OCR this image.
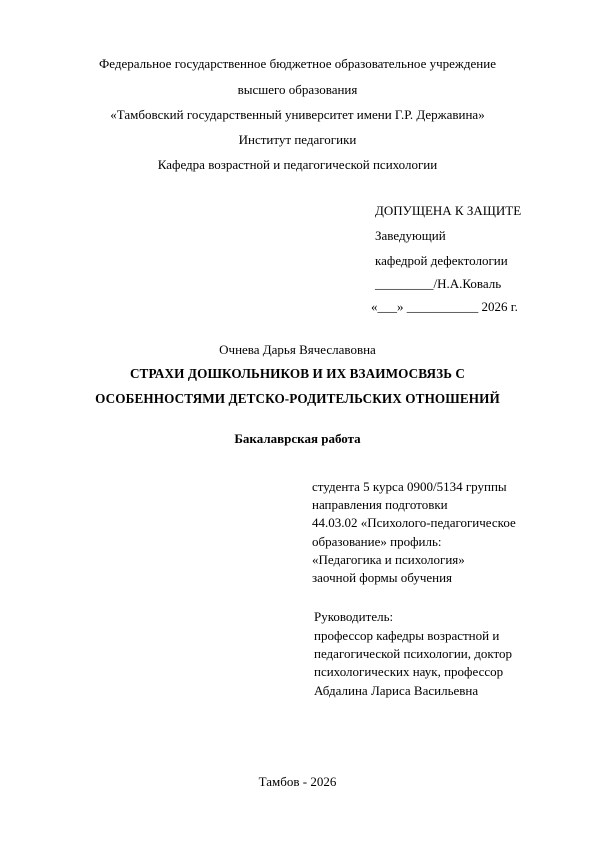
Федеральное государственное бюджетное образовательное учреждение
высшего образования
«Тамбовский государственный университет имени Г.Р. Державина»
Институт педагогики
Кафедра возрастной и педагогической психологии
ДОПУЩЕНА К ЗАЩИТЕ
Заведующий
кафедрой дефектологии
_________/Н.А.Коваль
«___» ___________ 2026 г.
Очнева Дарья Вячеславовна
СТРАХИ ДОШКОЛЬНИКОВ И ИХ ВЗАИМОСВЯЗЬ С
ОСОБЕННОСТЯМИ ДЕТСКО-РОДИТЕЛЬСКИХ ОТНОШЕНИЙ
Бакалаврская работа
студента 5 курса 0900/5134 группы
направления подготовки
44.03.02 «Психолого-педагогическое
образование» профиль:
«Педагогика и психология»
заочной формы обучения
Руководитель:
профессор кафедры возрастной и
педагогической психологии, доктор
психологических наук, профессор
Абдалина Лариса Васильевна
Тамбов - 2026
